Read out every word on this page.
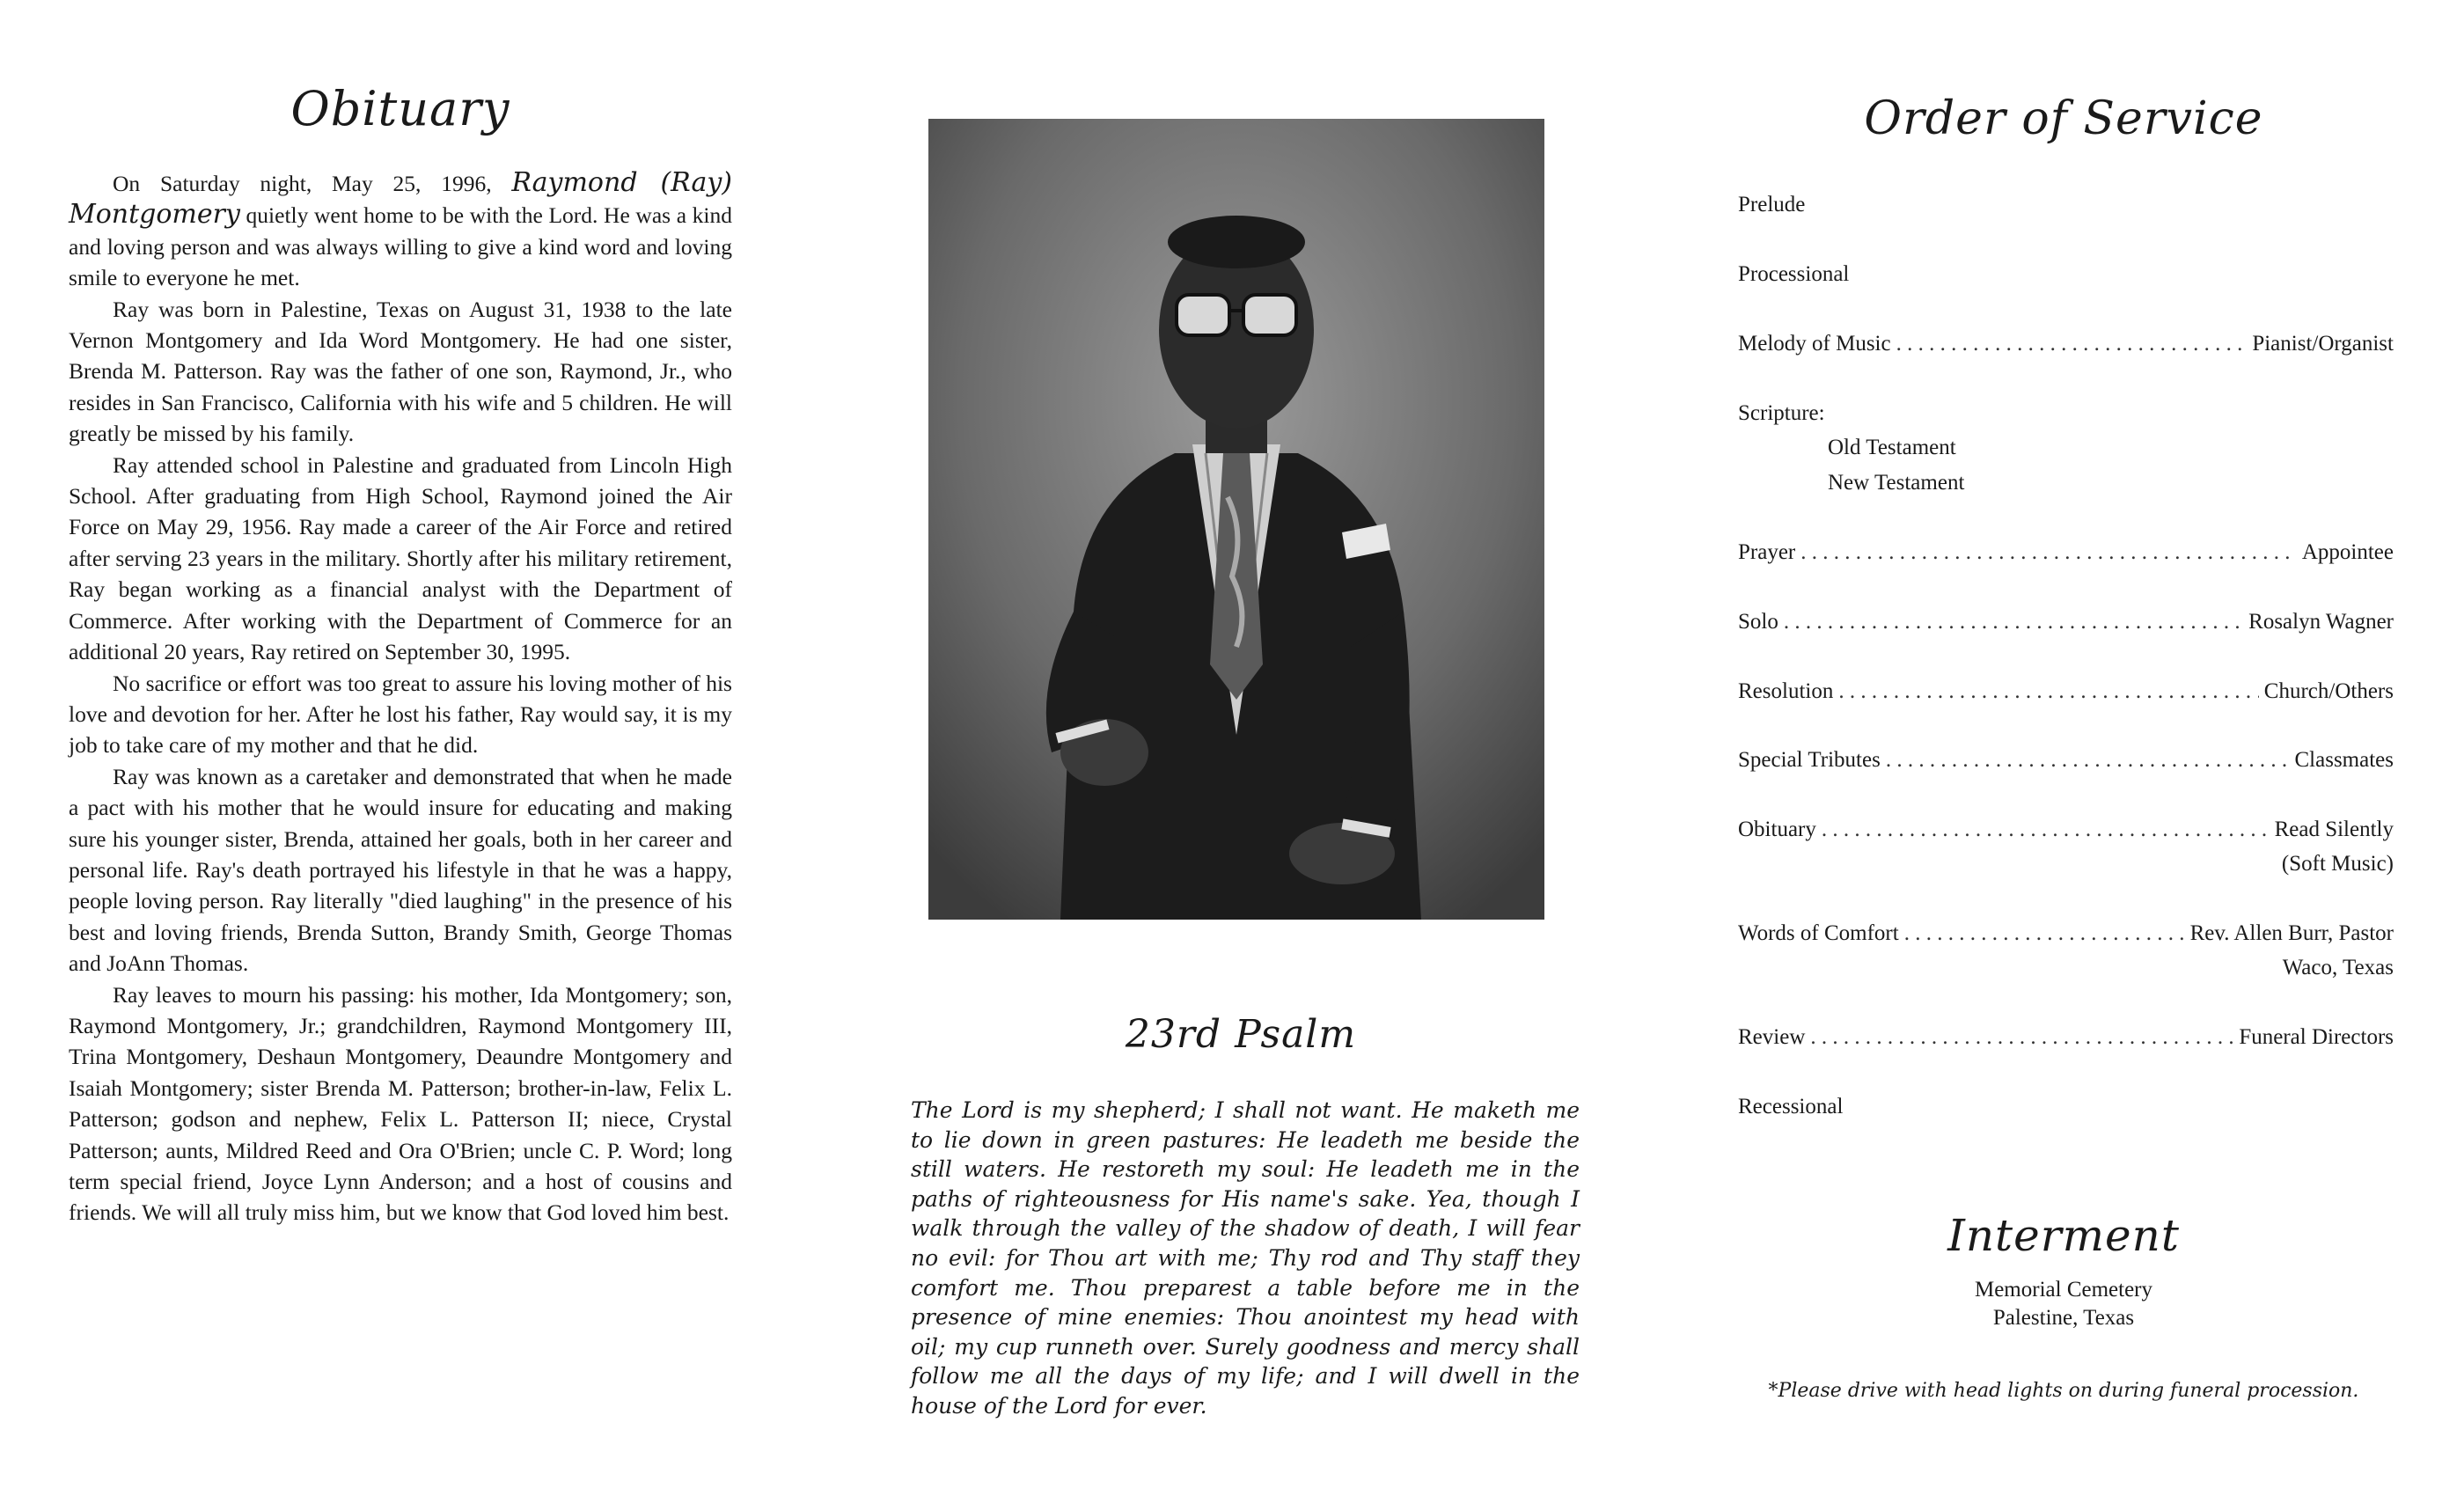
Obituary

On Saturday night, May 25, 1996, Raymond (Ray) Montgomery quietly went home to be with the Lord. He was a kind and loving person and was always willing to give a kind word and loving smile to everyone he met.

Ray was born in Palestine, Texas on August 31, 1938 to the late Vernon Montgomery and Ida Word Montgomery. He had one sister, Brenda M. Patterson. Ray was the father of one son, Raymond, Jr., who resides in San Francisco, California with his wife and 5 children. He will greatly be missed by his family.

Ray attended school in Palestine and graduated from Lincoln High School. After graduating from High School, Raymond joined the Air Force on May 29, 1956. Ray made a career of the Air Force and retired after serving 23 years in the military. Shortly after his military retirement, Ray began working as a financial analyst with the Department of Commerce. After working with the Department of Commerce for an additional 20 years, Ray retired on September 30, 1995.

No sacrifice or effort was too great to assure his loving mother of his love and devotion for her. After he lost his father, Ray would say, it is my job to take care of my mother and that he did.

Ray was known as a caretaker and demonstrated that when he made a pact with his mother that he would insure for educating and making sure his younger sister, Brenda, attained her goals, both in her career and personal life. Ray's death portrayed his lifestyle in that he was a happy, people loving person. Ray literally "died laughing" in the presence of his best and loving friends, Brenda Sutton, Brandy Smith, George Thomas and JoAnn Thomas.

Ray leaves to mourn his passing: his mother, Ida Montgomery; son, Raymond Montgomery, Jr.; grandchildren, Raymond Montgomery III, Trina Montgomery, Deshaun Montgomery, Deaundre Montgomery and Isaiah Montgomery; sister Brenda M. Patterson; brother-in-law, Felix L. Patterson; godson and nephew, Felix L. Patterson II; niece, Crystal Patterson; aunts, Mildred Reed and Ora O'Brien; uncle C. P. Word; long term special friend, Joyce Lynn Anderson; and a host of cousins and friends. We will all truly miss him, but we know that God loved him best.

23rd Psalm
The Lord is my shepherd; I shall not want. He maketh me to lie down in green pastures: He leadeth me beside the still waters. He restoreth my soul: He leadeth me in the paths of righteousness for His name's sake. Yea, though I walk through the valley of the shadow of death, I will fear no evil: for Thou art with me; Thy rod and Thy staff they comfort me. Thou preparest a table before me in the presence of mine enemies: Thou anointest my head with oil; my cup runneth over. Surely goodness and mercy shall follow me all the days of my life; and I will dwell in the house of the Lord for ever.
Order of Service
Prelude
Processional
Melody of Music . . .	Pianist/Organist
Scripture:
Old Testament
New Testament
Prayer . . .	Appointee
Solo . . .	Rosalyn Wagner
Resolution . . .	Church/Others
Special Tributes . . .	Classmates
Obituary . . .	Read Silently
(Soft Music)
Words of Comfort . . .	Rev. Allen Burr, Pastor
Waco, Texas
Review . . .	Funeral Directors
Recessional
Interment
Memorial Cemetery
Palestine, Texas
*Please drive with head lights on during funeral procession.
